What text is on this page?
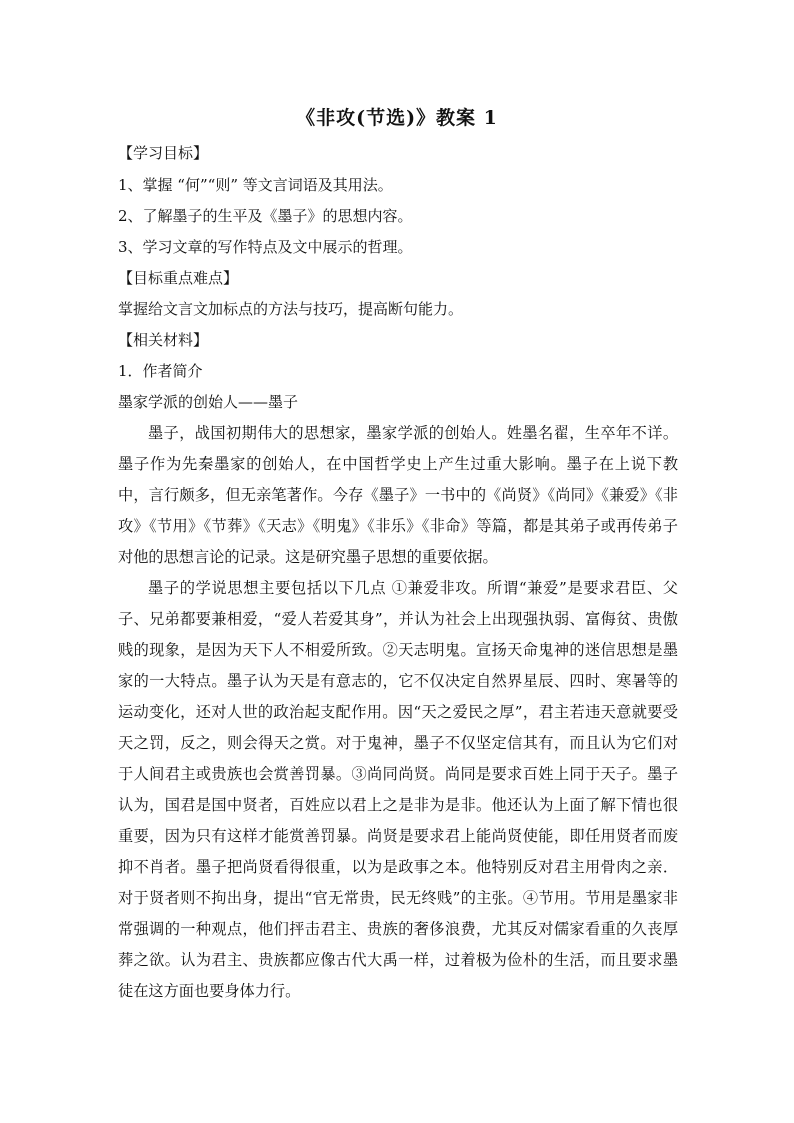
《非攻(节选)》教案 1
【学习目标】
1、掌握 “何”“则” 等文言词语及其用法。
2、了解墨子的生平及《墨子》的思想内容。
3、学习文章的写作特点及文中展示的哲理。
【目标重点难点】
掌握给文言文加标点的方法与技巧，提高断句能力。
【相关材料】
1．作者简介
墨家学派的创始人——墨子
墨子，战国初期伟大的思想家，墨家学派的创始人。姓墨名翟，生卒年不详。墨子作为先秦墨家的创始人，在中国哲学史上产生过重大影响。墨子在上说下教中，言行颇多，但无亲笔著作。今存《墨子》一书中的《尚贤》《尚同》《兼爱》《非攻》《节用》《节葬》《天志》《明鬼》《非乐》《非命》等篇，都是其弟子或再传弟子对他的思想言论的记录。这是研究墨子思想的重要依据。
墨子的学说思想主要包括以下几点 ①兼爱非攻。所谓“兼爱”是要求君臣、父子、兄弟都要兼相爱，“爱人若爱其身”，并认为社会上出现强执弱、富侮贫、贵傲贱的现象，是因为天下人不相爱所致。②天志明鬼。宣扬天命鬼神的迷信思想是墨家的一大特点。墨子认为天是有意志的，它不仅决定自然界星辰、四时、寒暑等的运动变化，还对人世的政治起支配作用。因“天之爱民之厚”，君主若违天意就要受天之罚，反之，则会得天之赏。对于鬼神，墨子不仅坚定信其有，而且认为它们对于人间君主或贵族也会赏善罚暴。③尚同尚贤。尚同是要求百姓上同于天子。墨子认为，国君是国中贤者，百姓应以君上之是非为是非。他还认为上面了解下情也很重要，因为只有这样才能赏善罚暴。尚贤是要求君上能尚贤使能，即任用贤者而废抑不肖者。墨子把尚贤看得很重，以为是政事之本。他特别反对君主用骨肉之亲．对于贤者则不拘出身，提出“官无常贵，民无终贱”的主张。④节用。节用是墨家非常强调的一种观点，他们抨击君主、贵族的奢侈浪费，尤其反对儒家看重的久丧厚葬之欲。认为君主、贵族都应像古代大禹一样，过着极为俭朴的生活，而且要求墨徒在这方面也要身体力行。
